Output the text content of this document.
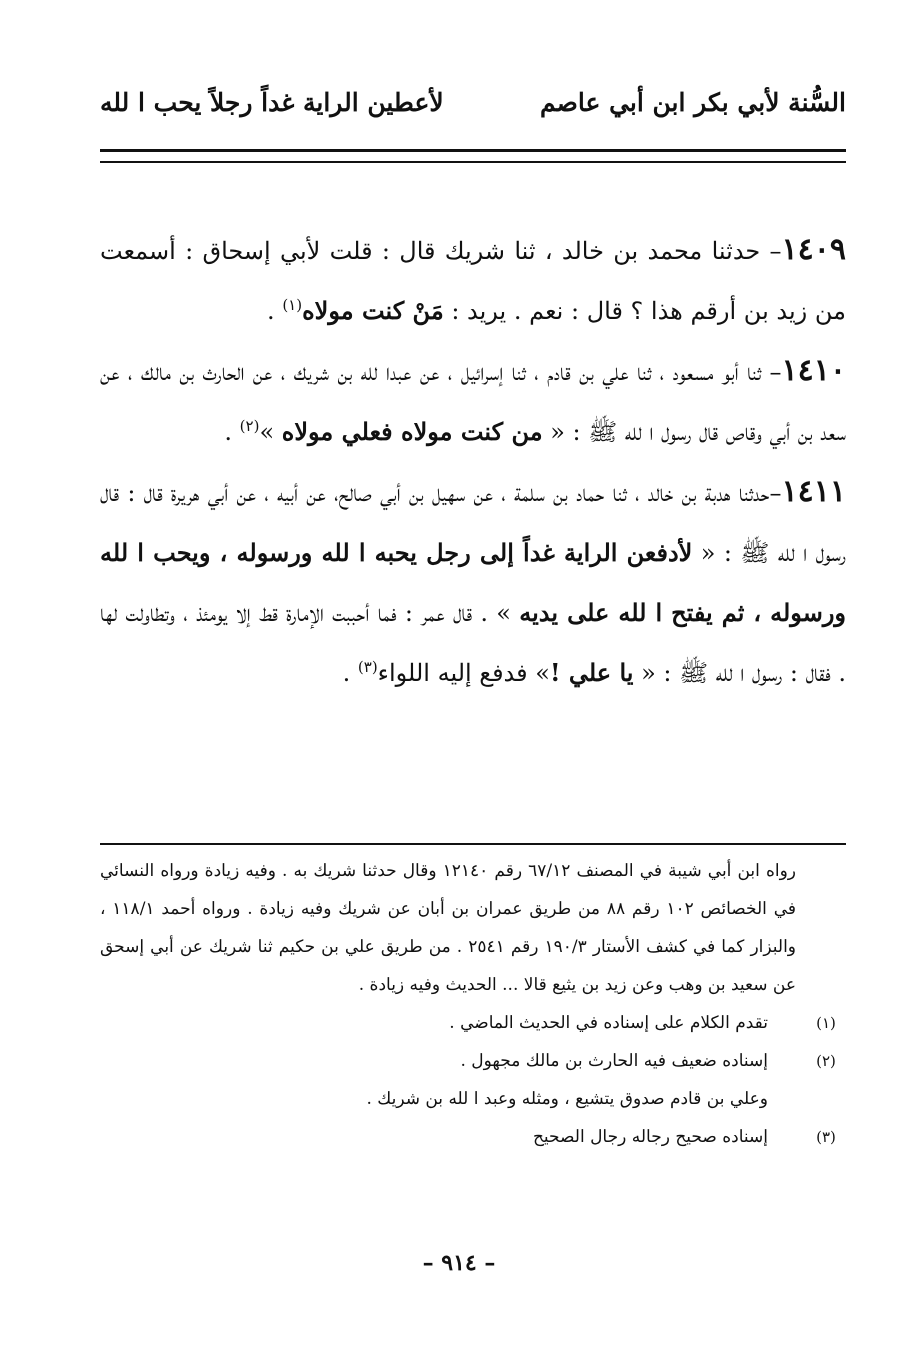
السُّنة لأبي بكر ابن أبي عاصم
لأعطين الراية غداً رجلاً يحب ا لله

١٤٠٩– حدثنا محمد بن خالد ، ثنا شريك قال : قلت لأبي إسحاق : أسمعت من زيد بن أرقم هذا ؟ قال : نعم . يريد : مَنْ كنت مولاه$^{(١)}$ .

١٤١٠– ثنا أبو مسعود ، ثنا علي بن قادم ، ثنا إسرائيل ، عن عبدا لله بن شريك ، عن الحارث بن مالك ، عن سعد بن أبي وقاص قال رسول ا لله ﷺ : « من كنت مولاه فعلي مولاه »$^{(٢)}$ .

١٤١١–حدثنا هدبة بن خالد ، ثنا حماد بن سلمة ، عن سهيل بن أبي صالح، عن أبيه ، عن أبي هريرة قال : قال رسول ا لله ﷺ : « لأدفعن الراية غداً إلى رجل يحبه ا لله ورسوله ، ويحب ا لله ورسوله ، ثم يفتح ا لله على يديه » . قال عمر : فما أحببت الإمارة قط إلا يومئذ ، وتطاولت لها . فقال : رسول ا لله ﷺ : « يا علي !» فدفع إليه اللواء$^{(٣)}$ .

رواه ابن أبي شيبة في المصنف ٦٧/١٢ رقم ١٢١٤٠ وقال حدثنا شريك به . وفيه زيادة ورواه النسائي في الخصائص ١٠٢ رقم ٨٨ من طريق عمران بن أبان عن شريك وفيه زيادة . ورواه أحمد ١١٨/١ ، والبزار كما في كشف الأستار ١٩٠/٣ رقم ٢٥٤١ . من طريق علي بن حكيم ثنا شريك عن أبي إسحق عن سعيد بن وهب وعن زيد بن يثيع قالا ... الحديث وفيه زيادة .

(١)
تقدم الكلام على إسناده في الحديث الماضي .

(٢)
إسناده ضعيف فيه الحارث بن مالك مجهول .

وعلي بن قادم صدوق يتشيع ، ومثله وعبد ا لله بن شريك .

(٣)
إسناده صحيح رجاله رجال الصحيح

– ٩١٤ –
